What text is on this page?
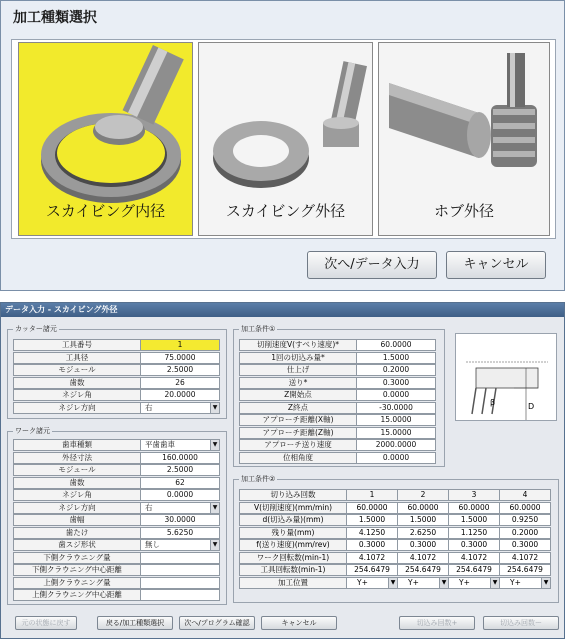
加工種類選択
スカイビング内径	スカイビング外径	ホブ外径
次へ/データ入力	キャンセル
データ入力 - スカイビング外径
カッター諸元
工具番号	1
工具径	75.0000
モジュール	2.5000
歯数	26
ネジレ角	20.0000
ネジレ方向	右	▼
ワーク諸元
歯車種類	平歯歯車	▼
外径寸法	160.0000
モジュール	2.5000
歯数	62
ネジレ角	0.0000
ネジレ方向	右	▼
歯幅	30.0000
歯たけ	5.6250
歯スジ形状	無し	▼
下側クラウニング量
下側クラウニング中心距離
上側クラウニング量
上側クラウニング中心距離
加工条件①
切削速度V(すべり速度)*	60.0000
1回の切込み量*	1.5000
仕上げ	0.2000
送り*	0.3000
Z開始点	0.0000
Z終点	-30.0000
アプローチ距離(X軸)	15.0000
アプローチ距離(Z軸)	15.0000
アプローチ送り速度	2000.0000
位相角度	0.0000
β	D
加工条件②
切り込み回数	1	2	3	4
V(切削速度)(mm/min)	60.0000	60.0000	60.0000	60.0000
d(切込み量)(mm)	1.5000	1.5000	1.5000	0.9250
残り量(mm)	4.1250	2.6250	1.1250	0.2000
f(送り速度)(mm/rev)	0.3000	0.3000	0.3000	0.3000
ワーク回転数(min-1)	4.1072	4.1072	4.1072	4.1072
工具回転数(min-1)	254.6479	254.6479	254.6479	254.6479
加工位置	Y+	▼	Y+	▼	Y+	▼	Y+	▼
元の状態に戻す	戻る/加工種類選択	次へ/プログラム確認	キャンセル	切込み回数+	切込み回数ー
